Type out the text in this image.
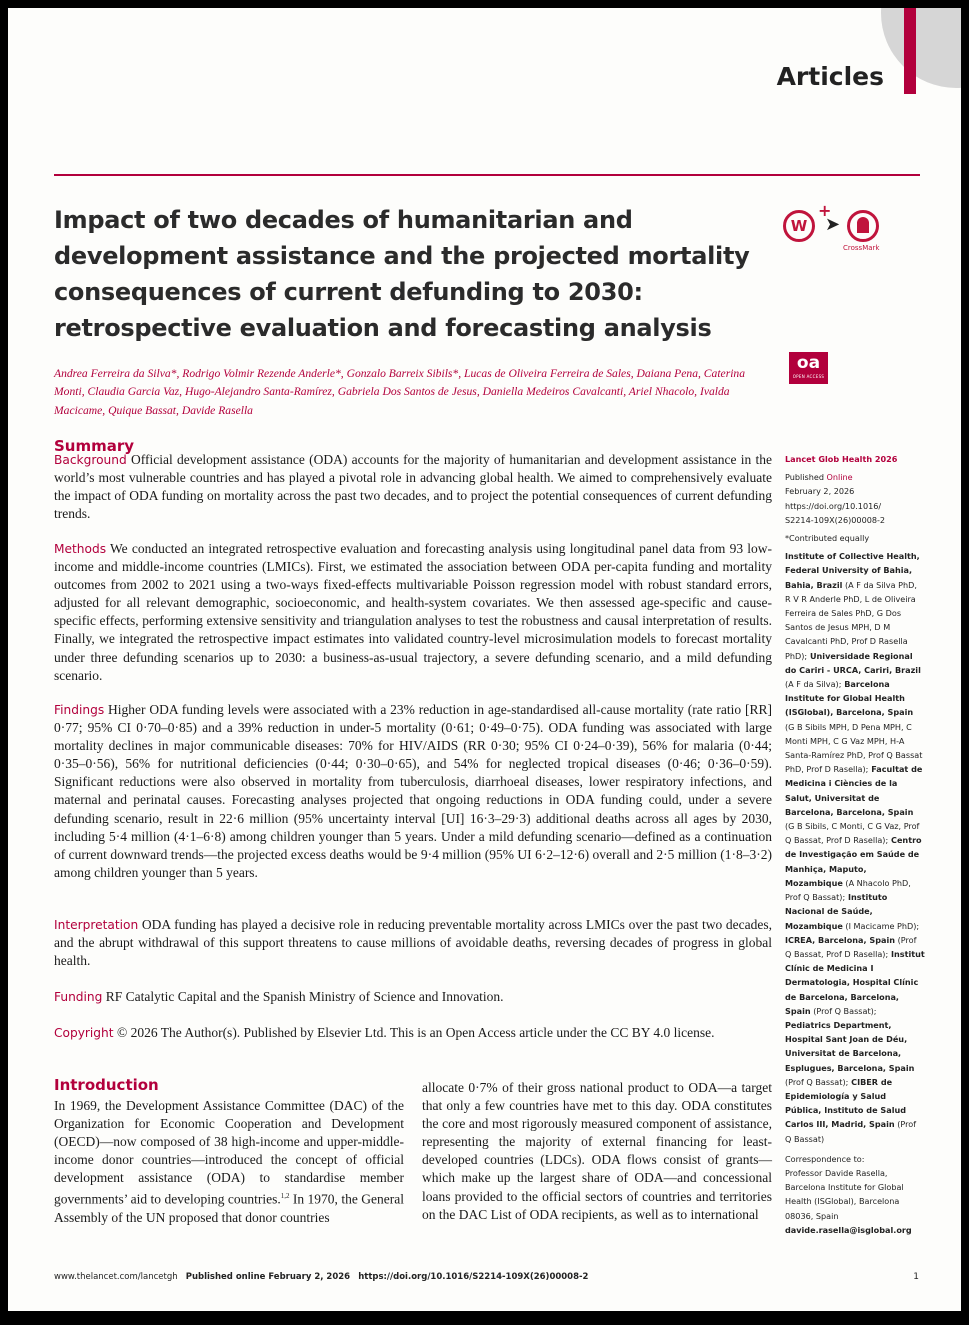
Articles
Impact of two decades of humanitarian and development assistance and the projected mortality consequences of current defunding to 2030: retrospective evaluation and forecasting analysis
W
+
➤
CrossMark
oa
OPEN ACCESS
Andrea Ferreira da Silva*, Rodrigo Volmir Rezende Anderle*, Gonzalo Barreix Sibils*, Lucas de Oliveira Ferreira de Sales, Daiana Pena, Caterina Monti, Claudia Garcia Vaz, Hugo-Alejandro Santa-Ramírez, Gabriela Dos Santos de Jesus, Daniella Medeiros Cavalcanti, Ariel Nhacolo, Ivalda Macicame, Quique Bassat, Davide Rasella
Summary
Background Official development assistance (ODA) accounts for the majority of humanitarian and development assistance in the world’s most vulnerable countries and has played a pivotal role in advancing global health. We aimed to comprehensively evaluate the impact of ODA funding on mortality across the past two decades, and to project the potential consequences of current defunding trends.
Methods We conducted an integrated retrospective evaluation and forecasting analysis using longitudinal panel data from 93 low-income and middle-income countries (LMICs). First, we estimated the association between ODA per-capita funding and mortality outcomes from 2002 to 2021 using a two-ways fixed-effects multivariable Poisson regression model with robust standard errors, adjusted for all relevant demographic, socioeconomic, and health-system covariates. We then assessed age-specific and cause-specific effects, performing extensive sensitivity and triangulation analyses to test the robustness and causal interpretation of results. Finally, we integrated the retrospective impact estimates into validated country-level microsimulation models to forecast mortality under three defunding scenarios up to 2030: a business-as-usual trajectory, a severe defunding scenario, and a mild defunding scenario.
Findings Higher ODA funding levels were associated with a 23% reduction in age-standardised all-cause mortality (rate ratio [RR] 0·77; 95% CI 0·70–0·85) and a 39% reduction in under-5 mortality (0·61; 0·49–0·75). ODA funding was associated with large mortality declines in major communicable diseases: 70% for HIV/AIDS (RR 0·30; 95% CI 0·24–0·39), 56% for malaria (0·44; 0·35–0·56), 56% for nutritional deficiencies (0·44; 0·30–0·65), and 54% for neglected tropical diseases (0·46; 0·36–0·59). Significant reductions were also observed in mortality from tuberculosis, diarrhoeal diseases, lower respiratory infections, and maternal and perinatal causes. Forecasting analyses projected that ongoing reductions in ODA funding could, under a severe defunding scenario, result in 22·6 million (95% uncertainty interval [UI] 16·3–29·3) additional deaths across all ages by 2030, including 5·4 million (4·1–6·8) among children younger than 5 years. Under a mild defunding scenario—defined as a continuation of current downward trends—the projected excess deaths would be 9·4 million (95% UI 6·2–12·6) overall and 2·5 million (1·8–3·2) among children younger than 5 years.
Interpretation ODA funding has played a decisive role in reducing preventable mortality across LMICs over the past two decades, and the abrupt withdrawal of this support threatens to cause millions of avoidable deaths, reversing decades of progress in global health.
Funding RF Catalytic Capital and the Spanish Ministry of Science and Innovation.
Copyright © 2026 The Author(s). Published by Elsevier Ltd. This is an Open Access article under the CC BY 4.0 license.
Introduction
In 1969, the Development Assistance Committee (DAC) of the Organization for Economic Cooperation and Development (OECD)—now composed of 38 high-income and upper-middle-income donor countries—introduced the concept of official development assistance (ODA) to standardise member governments’ aid to developing countries.$^{1,2}$ In 1970, the General Assembly of the UN proposed that donor countries
allocate 0·7% of their gross national product to ODA—a target that only a few countries have met to this day. ODA constitutes the core and most rigorously measured component of assistance, representing the majority of external financing for least-developed countries (LDCs). ODA flows consist of grants—which make up the largest share of ODA—and concessional loans provided to the official sectors of countries and territories on the DAC List of ODA recipients, as well as to international
Lancet Glob Health 2026
Published Online
February 2, 2026
https://doi.org/10.1016/
S2214-109X(26)00008-2
*Contributed equally
Institute of Collective Health, Federal University of Bahia, Bahia, Brazil (A F da Silva PhD, R V R Anderle PhD, L de Oliveira Ferreira de Sales PhD, G Dos Santos de Jesus MPH, D M Cavalcanti PhD, Prof D Rasella PhD); Universidade Regional do Cariri - URCA, Cariri, Brazil (A F da Silva); Barcelona Institute for Global Health (ISGlobal), Barcelona, Spain (G B Sibils MPH, D Pena MPH, C Monti MPH, C G Vaz MPH, H-A Santa-Ramírez PhD, Prof Q Bassat PhD, Prof D Rasella); Facultat de Medicina i Ciències de la Salut, Universitat de Barcelona, Barcelona, Spain (G B Sibils, C Monti, C G Vaz, Prof Q Bassat, Prof D Rasella); Centro de Investigação em Saúde de Manhiça, Maputo, Mozambique (A Nhacolo PhD, Prof Q Bassat); Instituto Nacional de Saúde, Mozambique (I Macicame PhD); ICREA, Barcelona, Spain (Prof Q Bassat, Prof D Rasella); Institut Clínic de Medicina I Dermatologia, Hospital Clínic de Barcelona, Barcelona, Spain (Prof Q Bassat); Pediatrics Department, Hospital Sant Joan de Déu, Universitat de Barcelona, Esplugues, Barcelona, Spain (Prof Q Bassat); CIBER de Epidemiología y Salud Pública, Instituto de Salud Carlos III, Madrid, Spain (Prof Q Bassat)
Correspondence to:
Professor Davide Rasella, Barcelona Institute for Global Health (ISGlobal), Barcelona 08036, Spain
davide.rasella@isglobal.org
www.thelancet.com/lancetgh Published online February 2, 2026 https://doi.org/10.1016/S2214-109X(26)00008-2	1
